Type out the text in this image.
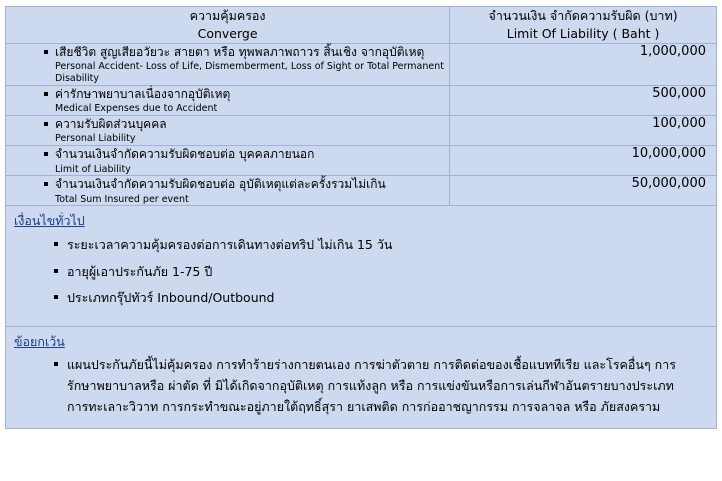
ความคุ้มครอง
Converge

จำนวนเงิน จำกัดความรับผิด (บาท)
Limit Of Liability ( Baht )

เสียชีวิต สูญเสียอวัยวะ สายตา หรือ ทุพพลภาพถาวร สิ้นเชิง จากอุบัติเหตุ
Personal Accident- Loss of Life, Dismemberment, Loss of Sight or Total Permanent Disability	1,000,000

ค่ารักษาพยาบาลเนื่องจากอุบัติเหตุ
Medical Expenses due to Accident	500,000

ความรับผิดส่วนบุคคล
Personal Liability	100,000

จำนวนเงินจำกัดความรับผิดชอบต่อ บุคคลภายนอก
Limit of Liability	10,000,000

จำนวนเงินจำกัดความรับผิดชอบต่อ อุบัติเหตุแต่ละครั้งรวมไม่เกิน
Total Sum Insured per event	50,000,000
เงื่อนไขทั่วไป
ระยะเวลาความคุ้มครองต่อการเดินทางต่อทริป ไม่เกิน 15 วัน
อายุผู้เอาประกันภัย 1-75 ปี
ประเภทกรุ๊ปทัวร์ Inbound/Outbound
ข้อยกเว้น
แผนประกันภัยนี้ไม่คุ้มครอง การทำร้ายร่างกายตนเอง การฆ่าตัวตาย การติดต่อของเชื้อแบททีเรีย และโรคอื่นๆ การรักษาพยาบาลหรือ ผ่าตัด ที่ มิได้เกิดจากอุบัติเหตุ การแท้งลูก หรือ การแข่งขันหรือการเล่นกีฬาอันตรายบางประเภท การทะเลาะวิวาท การกระทำขณะอยู่ภายใต้ฤทธิ์สุรา ยาเสพติด การก่ออาชญากรรม การจลาจล หรือ ภัยสงคราม
